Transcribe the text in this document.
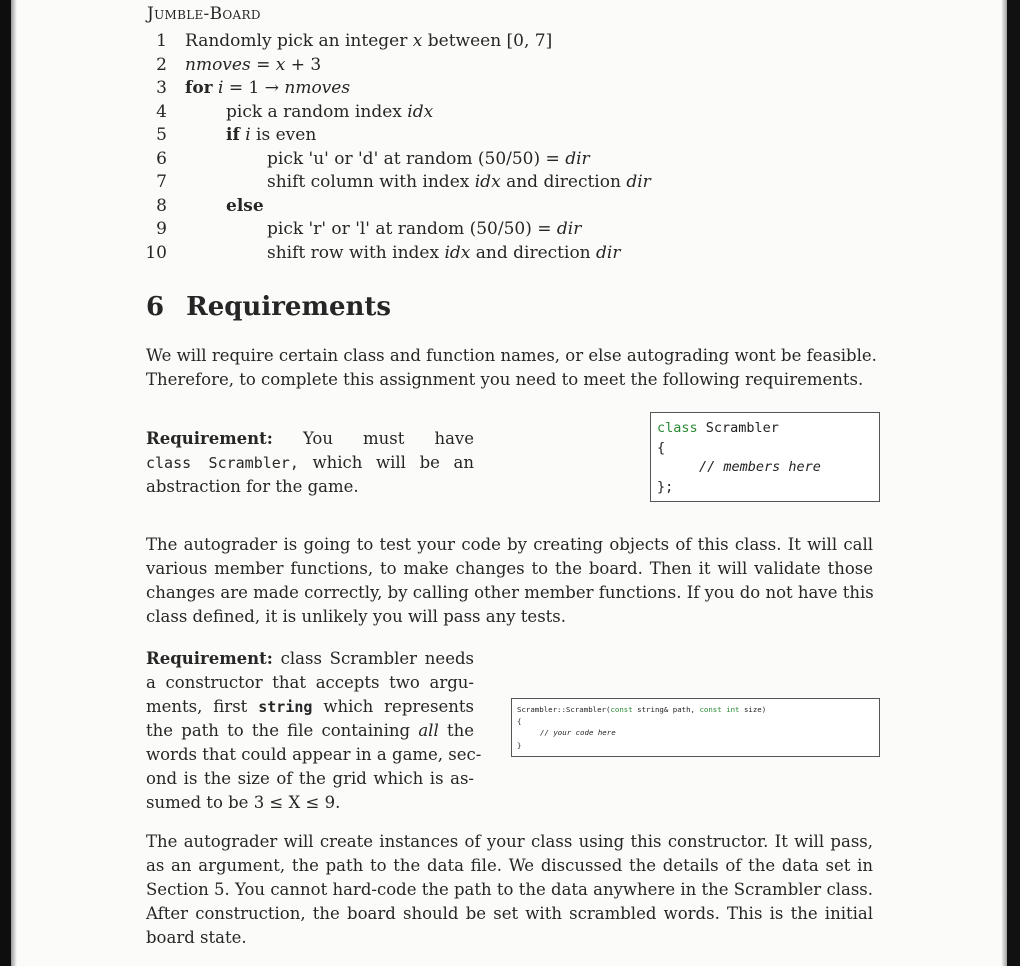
Jumble-Board
1 Randomly pick an integer x between [0, 7]
2 nmoves = x + 3
3 for i = 1 → nmoves
4	pick a random index idx
5	if i is even
6	pick 'u' or 'd' at random (50/50) = dir
7	shift column with index idx and direction dir
8	else
9	pick 'r' or 'l' at random (50/50) = dir
10	shift row with index idx and direction dir
6 Requirements
We will require certain class and function names, or else autograding wont be feasible.
Therefore, to complete this assignment you need to meet the following requirements.
Requirement: You must have
class Scrambler, which will be an
abstraction for the game.
class Scrambler
{
// members here
};
The autograder is going to test your code by creating objects of this class. It will call
various member functions, to make changes to the board. Then it will validate those
changes are made correctly, by calling other member functions. If you do not have this
class defined, it is unlikely you will pass any tests.
Requirement: class Scrambler needs
a constructor that accepts two argu-
ments, first string which represents
the path to the file containing all the
words that could appear in a game, sec-
ond is the size of the grid which is as-
sumed to be 3 ≤ X ≤ 9.
Scrambler::Scrambler(const string& path, const int size)
{
// your code here
}
The autograder will create instances of your class using this constructor. It will pass,
as an argument, the path to the data file. We discussed the details of the data set in
Section 5. You cannot hard-code the path to the data anywhere in the Scrambler class.
After construction, the board should be set with scrambled words. This is the initial
board state.
